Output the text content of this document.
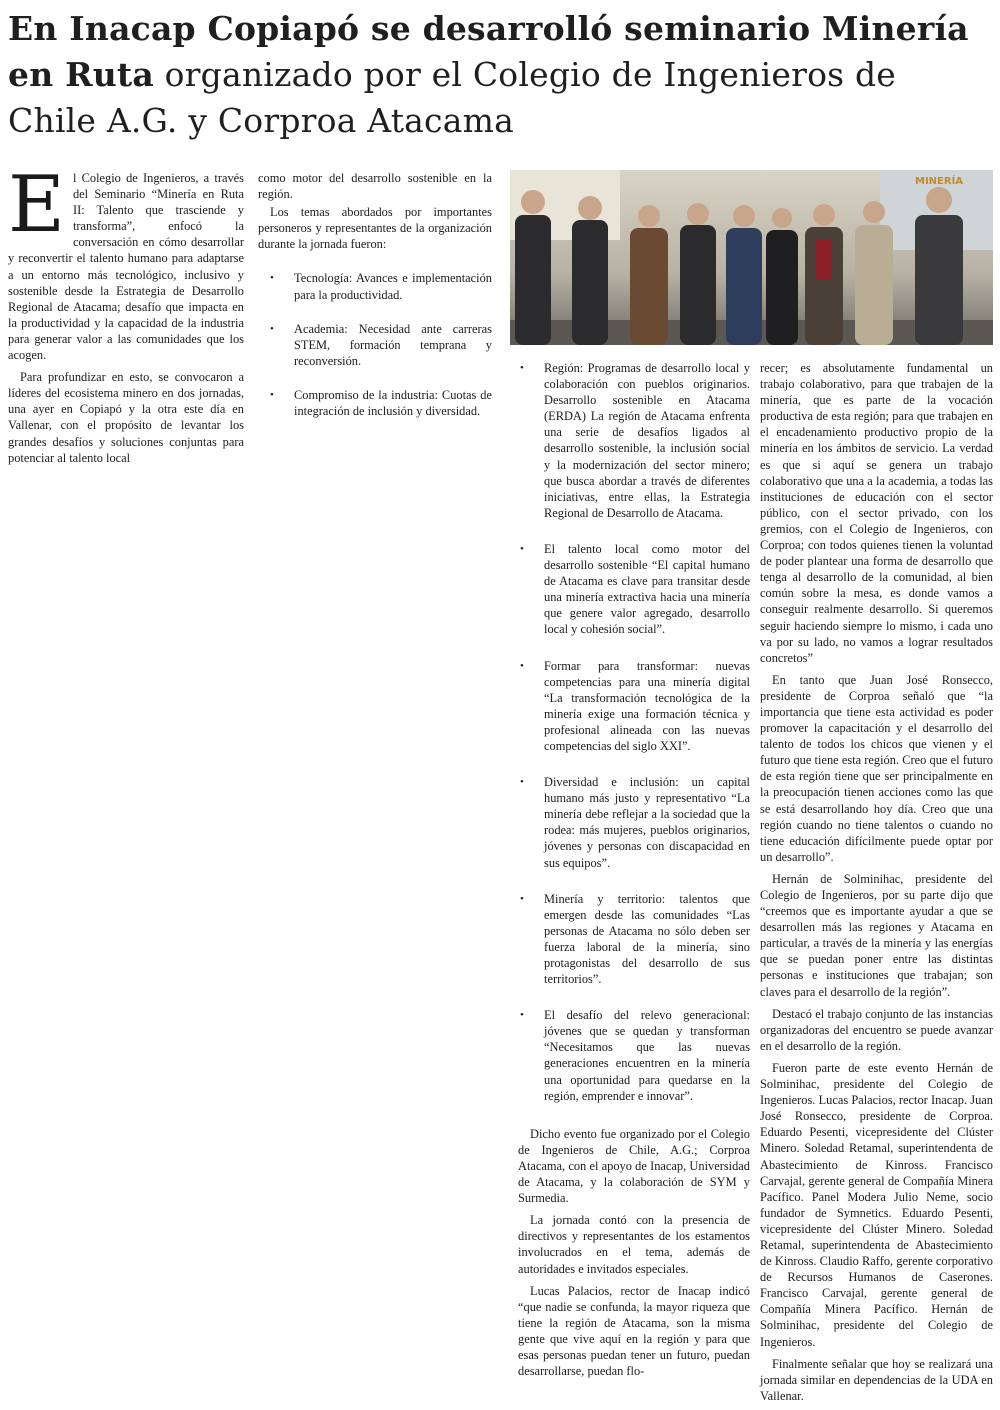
En Inacap Copiapó se desarrolló seminario Minería en Ruta organizado por el Colegio de Ingenieros de Chile A.G. y Corproa Atacama

El Colegio de Ingenieros, a través del Seminario “Minería en Ruta II: Talento que trasciende y transforma”, enfocó la conversación en cómo desarrollar y reconvertir el talento humano para adaptarse a un entorno más tecnológico, inclusivo y sostenible desde la Estrategia de Desarrollo Regional de Atacama; desafío que impacta en la productividad y la capacidad de la industria para generar valor a las comunidades que los acogen.

Para profundizar en esto, se convocaron a líderes del ecosistema minero en dos jornadas, una ayer en Copiapó y la otra este día en Vallenar, con el propósito de levantar los grandes desafíos y soluciones conjuntas para potenciar al talento local

como motor del desarrollo sostenible en la región.

Los temas abordados por importantes personeros y representantes de la organización durante la jornada fueron:

• Tecnología: Avances e implementación para la productividad.
• Academia: Necesidad ante carreras STEM, formación temprana y reconversión.
• Compromiso de la industria: Cuotas de integración de inclusión y diversidad.
MINERÍA
• Región: Programas de desarrollo local y colaboración con pueblos originarios. Desarrollo sostenible en Atacama (ERDA) La región de Atacama enfrenta una serie de desafíos ligados al desarrollo sostenible, la inclusión social y la modernización del sector minero; que busca abordar a través de diferentes iniciativas, entre ellas, la Estrategia Regional de Desarrollo de Atacama.
• El talento local como motor del desarrollo sostenible “El capital humano de Atacama es clave para transitar desde una minería extractiva hacia una minería que genere valor agregado, desarrollo local y cohesión social”.
• Formar para transformar: nuevas competencias para una minería digital “La transformación tecnológica de la minería exige una formación técnica y profesional alineada con las nuevas competencias del siglo XXI”.
• Diversidad e inclusión: un capital humano más justo y representativo “La minería debe reflejar a la sociedad que la rodea: más mujeres, pueblos originarios, jóvenes y personas con discapacidad en sus equipos”.
• Minería y territorio: talentos que emergen desde las comunidades “Las personas de Atacama no sólo deben ser fuerza laboral de la minería, sino protagonistas del desarrollo de sus territorios”.
• El desafío del relevo generacional: jóvenes que se quedan y transforman “Necesitamos que las nuevas generaciones encuentren en la minería una oportunidad para quedarse en la región, emprender e innovar”.

Dicho evento fue organizado por el Colegio de Ingenieros de Chile, A.G.; Corproa Atacama, con el apoyo de Inacap, Universidad de Atacama, y la colaboración de SYM y Surmedia.

La jornada contó con la presencia de directivos y representantes de los estamentos involucrados en el tema, además de autoridades e invitados especiales.

Lucas Palacios, rector de Inacap indicó “que nadie se confunda, la mayor riqueza que tiene la región de Atacama, son la misma gente que vive aquí en la región y para que esas personas puedan tener un futuro, puedan desarrollarse, puedan flo-

recer; es absolutamente fundamental un trabajo colaborativo, para que trabajen de la minería, que es parte de la vocación productiva de esta región; para que trabajen en el encadenamiento productivo propio de la minería en los ámbitos de servicio. La verdad es que si aquí se genera un trabajo colaborativo que una a la academia, a todas las instituciones de educación con el sector público, con el sector privado, con los gremios, con el Colegio de Ingenieros, con Corproa; con todos quienes tienen la voluntad de poder plantear una forma de desarrollo que tenga al desarrollo de la comunidad, al bien común sobre la mesa, es donde vamos a conseguir realmente desarrollo. Si queremos seguir haciendo siempre lo mismo, i cada uno va por su lado, no vamos a lograr resultados concretos”

En tanto que Juan José Ronsecco, presidente de Corproa señaló que “la importancia que tiene esta actividad es poder promover la capacitación y el desarrollo del talento de todos los chicos que vienen y el futuro que tiene esta región. Creo que el futuro de esta región tiene que ser principalmente en la preocupación tienen acciones como las que se está desarrollando hoy día. Creo que una región cuando no tiene talentos o cuando no tiene educación difícilmente puede optar por un desarrollo”.

Hernán de Solminihac, presidente del Colegio de Ingenieros, por su parte dijo que “creemos que es importante ayudar a que se desarrollen más las regiones y Atacama en particular, a través de la minería y las energías que se puedan poner entre las distintas personas e instituciones que trabajan; son claves para el desarrollo de la región”.

Destacó el trabajo conjunto de las instancias organizadoras del encuentro se puede avanzar en el desarrollo de la región.

Fueron parte de este evento Hernán de Solminihac, presidente del Colegio de Ingenieros. Lucas Palacios, rector Inacap. Juan José Ronsecco, presidente de Corproa. Eduardo Pesenti, vicepresidente del Clúster Minero. Soledad Retamal, superintendenta de Abastecimiento de Kinross. Francisco Carvajal, gerente general de Compañía Minera Pacífico. Panel Modera Julio Neme, socio fundador de Symnetics. Eduardo Pesenti, vicepresidente del Clúster Minero. Soledad Retamal, superintendenta de Abastecimiento de Kinross. Claudio Raffo, gerente corporativo de Recursos Humanos de Caserones. Francisco Carvajal, gerente general de Compañía Minera Pacífico. Hernán de Solminihac, presidente del Colegio de Ingenieros.

Finalmente señalar que hoy se realizará una jornada similar en dependencias de la UDA en Vallenar.
